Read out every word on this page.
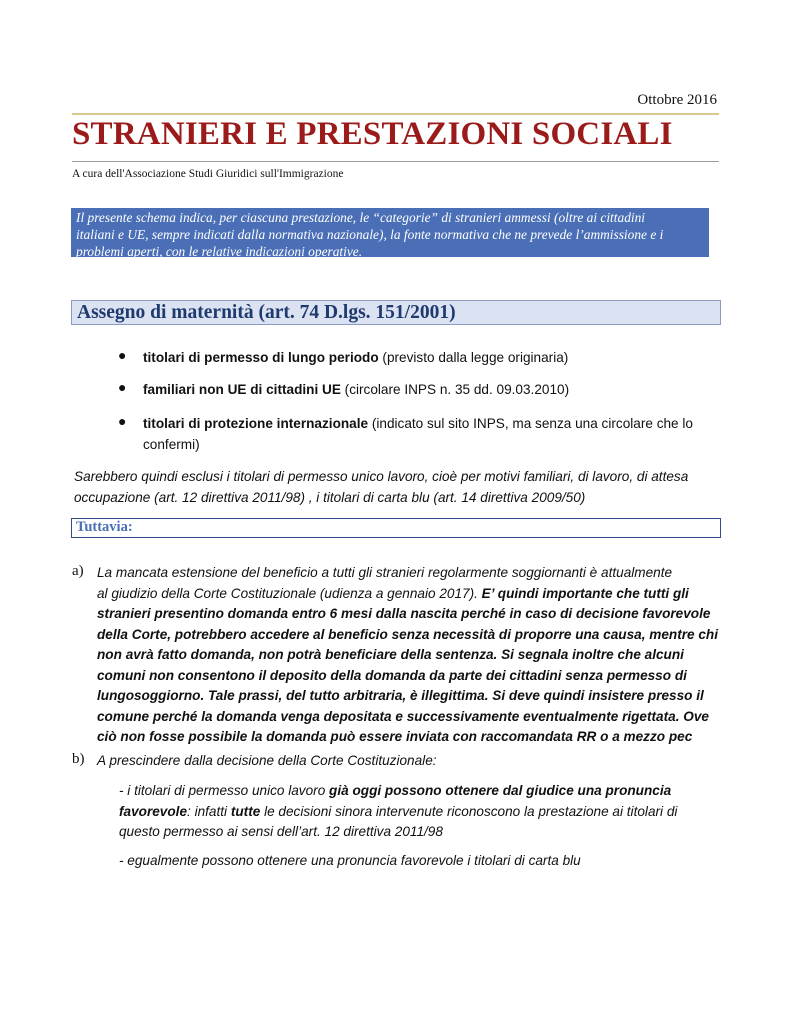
Ottobre 2016
STRANIERI E PRESTAZIONI SOCIALI
A cura dell'Associazione Studi Giuridici sull'Immigrazione
Il presente schema indica, per ciascuna prestazione, le “categorie” di stranieri ammessi (oltre ai cittadini
italiani e UE, sempre indicati dalla normativa nazionale), la fonte normativa che ne prevede l’ammissione e i
problemi aperti, con le relative indicazioni operative.
Assegno di maternità (art. 74 D.lgs. 151/2001)
● titolari di permesso di lungo periodo (previsto dalla legge originaria)
● familiari non UE di cittadini UE (circolare INPS n. 35 dd. 09.03.2010)
● titolari di protezione internazionale (indicato sul sito INPS, ma senza una circolare che lo
confermi)
Sarebbero quindi esclusi i titolari di permesso unico lavoro, cioè per motivi familiari, di lavoro, di attesa
occupazione (art. 12 direttiva 2011/98) , i titolari di carta blu (art. 14 direttiva 2009/50)
Tuttavia:
a) La mancata estensione del beneficio a tutti gli stranieri regolarmente soggiornanti è attualmente
al giudizio della Corte Costituzionale (udienza a gennaio 2017). E’ quindi importante che tutti gli
stranieri presentino domanda entro 6 mesi dalla nascita perché in caso di decisione favorevole
della Corte, potrebbero accedere al beneficio senza necessità di proporre una causa, mentre chi
non avrà fatto domanda, non potrà beneficiare della sentenza. Si segnala inoltre che alcuni
comuni non consentono il deposito della domanda da parte dei cittadini senza permesso di
lungosoggiorno. Tale prassi, del tutto arbitraria, è illegittima. Si deve quindi insistere presso il
comune perché la domanda venga depositata e successivamente eventualmente rigettata. Ove
ciò non fosse possibile la domanda può essere inviata con raccomandata RR o a mezzo pec
b) A prescindere dalla decisione della Corte Costituzionale:
- i titolari di permesso unico lavoro già oggi possono ottenere dal giudice una pronuncia
favorevole: infatti tutte le decisioni sinora intervenute riconoscono la prestazione ai titolari di
questo permesso ai sensi dell’art. 12 direttiva 2011/98
- egualmente possono ottenere una pronuncia favorevole i titolari di carta blu
